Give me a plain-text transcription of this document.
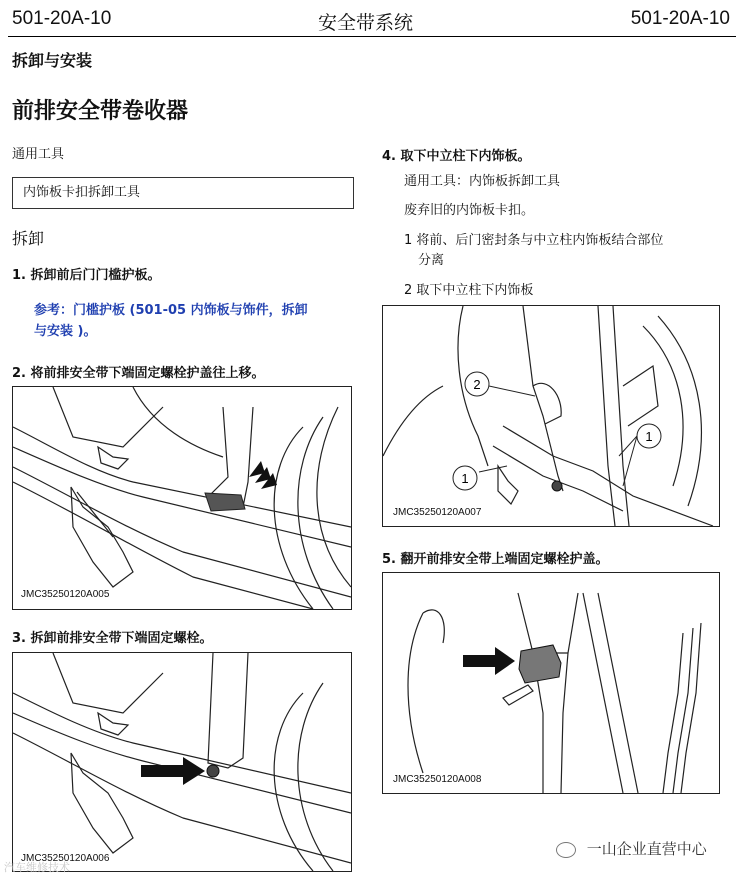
501-20A-10	安全带系统	501-20A-10
拆卸与安装
前排安全带卷收器
通用工具
内饰板卡扣拆卸工具
拆卸
1. 拆卸前后门门槛护板。
参考：门槛护板 (501-05 内饰板与饰件，拆卸
与安装 )。
2. 将前排安全带下端固定螺栓护盖往上移。
JMC35250120A005
3. 拆卸前排安全带下端固定螺栓。
JMC35250120A006
4. 取下中立柱下内饰板。
通用工具：内饰板拆卸工具
废弃旧的内饰板卡扣。
1 将前、后门密封条与中立柱内饰板结合部位
分离
2 取下中立柱下内饰板
2
1
1
JMC35250120A007
5. 翻开前排安全带上端固定螺栓护盖。
JMC35250120A008
一山企业直营中心
汽车维修技术
